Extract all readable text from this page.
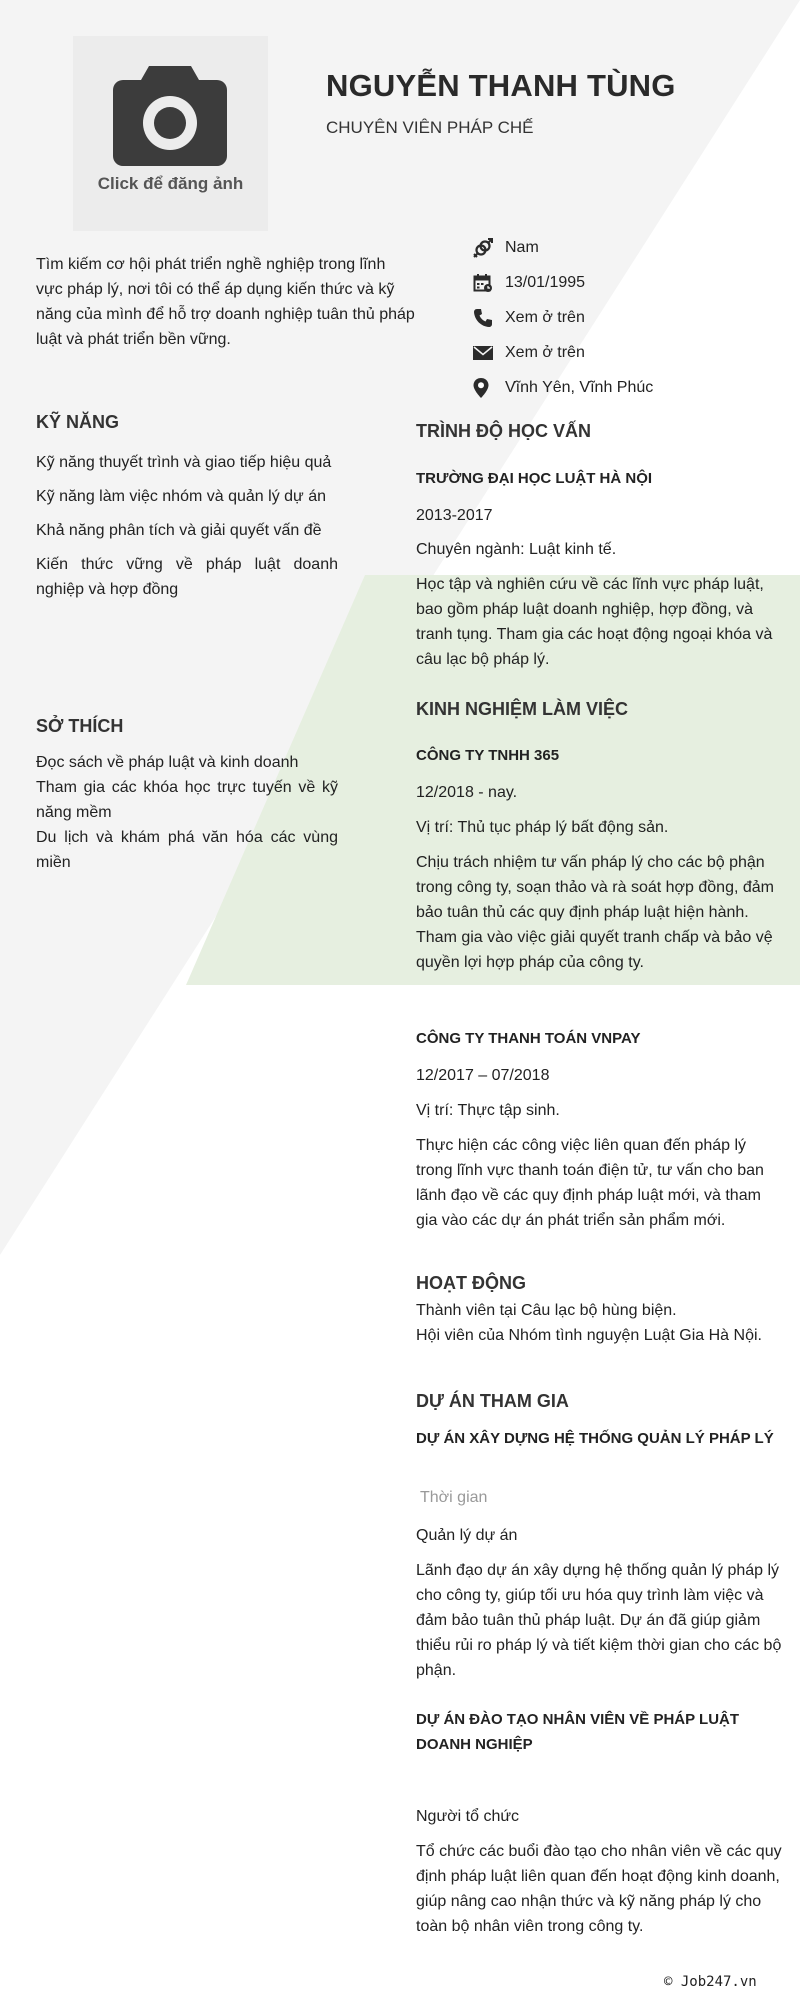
Click để đăng ảnh
NGUYỄN THANH TÙNG
CHUYÊN VIÊN PHÁP CHẾ
Tìm kiếm cơ hội phát triển nghề nghiệp trong lĩnh vực pháp lý, nơi tôi có thể áp dụng kiến thức và kỹ năng của mình để hỗ trợ doanh nghiệp tuân thủ pháp luật và phát triển bền vững.
Nam
13/01/1995
Xem ở trên
Xem ở trên
Vĩnh Yên, Vĩnh Phúc
KỸ NĂNG
Kỹ năng thuyết trình và giao tiếp hiệu quả
Kỹ năng làm việc nhóm và quản lý dự án
Khả năng phân tích và giải quyết vấn đề
Kiến thức vững về pháp luật doanh nghiệp và hợp đồng
SỞ THÍCH
Đọc sách về pháp luật và kinh doanh
Tham gia các khóa học trực tuyến về kỹ năng mềm
Du lịch và khám phá văn hóa các vùng miền
TRÌNH ĐỘ HỌC VẤN
TRƯỜNG ĐẠI HỌC LUẬT HÀ NỘI
2013-2017
Chuyên ngành: Luật kinh tế.
Học tập và nghiên cứu về các lĩnh vực pháp luật, bao gồm pháp luật doanh nghiệp, hợp đồng, và tranh tụng. Tham gia các hoạt động ngoại khóa và câu lạc bộ pháp lý.
KINH NGHIỆM LÀM VIỆC
CÔNG TY TNHH 365
12/2018 - nay.
Vị trí: Thủ tục pháp lý bất động sản.
Chịu trách nhiệm tư vấn pháp lý cho các bộ phận trong công ty, soạn thảo và rà soát hợp đồng, đảm bảo tuân thủ các quy định pháp luật hiện hành. Tham gia vào việc giải quyết tranh chấp và bảo vệ quyền lợi hợp pháp của công ty.
CÔNG TY THANH TOÁN VNPAY
12/2017 – 07/2018
Vị trí: Thực tập sinh.
Thực hiện các công việc liên quan đến pháp lý trong lĩnh vực thanh toán điện tử, tư vấn cho ban lãnh đạo về các quy định pháp luật mới, và tham gia vào các dự án phát triển sản phẩm mới.
HOẠT ĐỘNG
Thành viên tại Câu lạc bộ hùng biện.
Hội viên của Nhóm tình nguyện Luật Gia Hà Nội.
DỰ ÁN THAM GIA
DỰ ÁN XÂY DỰNG HỆ THỐNG QUẢN LÝ PHÁP LÝ
Thời gian
Quản lý dự án
Lãnh đạo dự án xây dựng hệ thống quản lý pháp lý cho công ty, giúp tối ưu hóa quy trình làm việc và đảm bảo tuân thủ pháp luật. Dự án đã giúp giảm thiểu rủi ro pháp lý và tiết kiệm thời gian cho các bộ phận.
DỰ ÁN ĐÀO TẠO NHÂN VIÊN VỀ PHÁP LUẬT DOANH NGHIỆP
Người tổ chức
Tổ chức các buổi đào tạo cho nhân viên về các quy định pháp luật liên quan đến hoạt động kinh doanh, giúp nâng cao nhận thức và kỹ năng pháp lý cho toàn bộ nhân viên trong công ty.
© Job247.vn
